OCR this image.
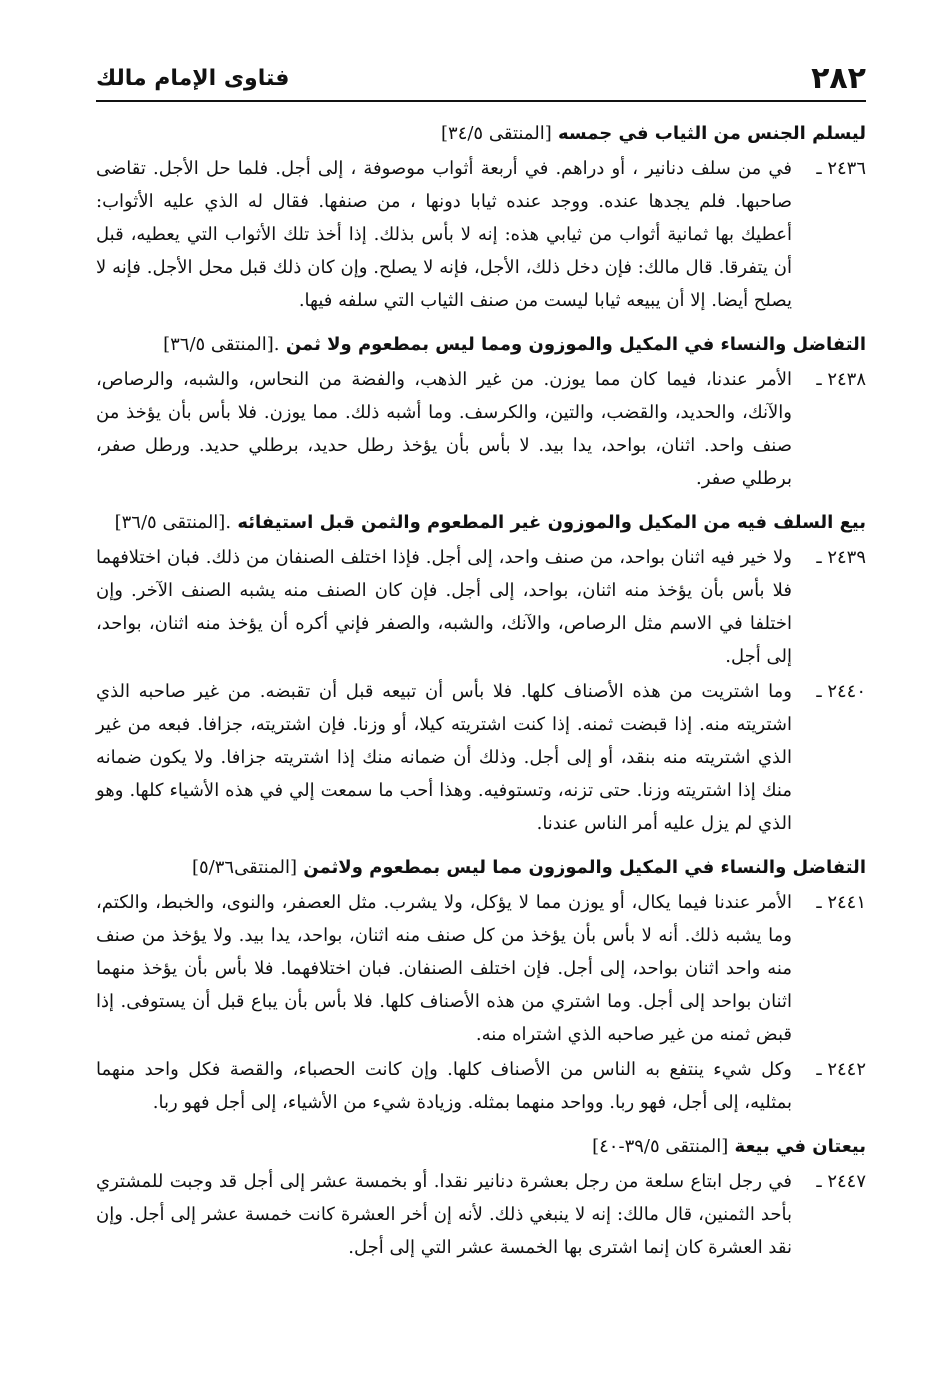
٢٨٢
فتاوى الإمام مالك
ليسلم الجنس من الثياب في جمسه [المنتقى ٣٤/٥]
٢٤٣٦ ـ
في من سلف دنانير ، أو دراهم. في أربعة أثواب موصوفة ، إلى أجل. فلما حل الأجل. تقاضى صاحبها. فلم يجدها عنده. ووجد عنده ثيابا دونها ، من صنفها. فقال له الذي عليه الأثواب: أعطيك بها ثمانية أثواب من ثيابي هذه: إنه لا بأس بذلك. إذا أخذ تلك الأثواب التي يعطيه، قبل أن يتفرقا. قال مالك: فإن دخل ذلك، الأجل، فإنه لا يصلح. وإن كان ذلك قبل محل الأجل. فإنه لا يصلح أيضا. إلا أن يبيعه ثيابا ليست من صنف الثياب التي سلفه فيها.
التفاضل والنساء في المكيل والموزون ومما ليس بمطعوم ولا ثمن .[المنتقى ٣٦/٥]
٢٤٣٨ ـ
الأمر عندنا، فيما كان مما يوزن. من غير الذهب، والفضة من النحاس، والشبه، والرصاص، والآنك، والحديد، والقضب، والتين، والكرسف. وما أشبه ذلك. مما يوزن. فلا بأس بأن يؤخذ من صنف واحد. اثنان، بواحد، يدا بيد. لا بأس بأن يؤخذ رطل حديد، برطلي حديد. ورطل صفر، برطلي صفر.
بيع السلف فيه من المكيل والموزون غير المطعوم والثمن قبل استيفائه .[المنتقى ٣٦/٥]
٢٤٣٩ ـ
ولا خير فيه اثنان بواحد، من صنف واحد، إلى أجل. فإذا اختلف الصنفان من ذلك. فبان اختلافهما فلا بأس بأن يؤخذ منه اثنان، بواحد، إلى أجل. فإن كان الصنف منه يشبه الصنف الآخر. وإن اختلفا في الاسم مثل الرصاص، والآنك، والشبه، والصفر فإني أكره أن يؤخذ منه اثنان، بواحد، إلى أجل.
٢٤٤٠ ـ
وما اشتريت من هذه الأصناف كلها. فلا بأس أن تبيعه قبل أن تقبضه. من غير صاحبه الذي اشتريته منه. إذا قبضت ثمنه. إذا كنت اشتريته كيلا، أو وزنا. فإن اشتريته، جزافا. فبعه من غير الذي اشتريته منه بنقد، أو إلى أجل. وذلك أن ضمانه منك إذا اشتريته جزافا. ولا يكون ضمانه منك إذا اشتريته وزنا. حتى تزنه، وتستوفيه. وهذا أحب ما سمعت إلي في هذه الأشياء كلها. وهو الذي لم يزل عليه أمر الناس عندنا.
التفاضل والنساء في المكيل والموزون مما ليس بمطعوم ولاثمن [المنتقى٥/٣٦]
٢٤٤١ ـ
الأمر عندنا فيما يكال، أو يوزن مما لا يؤكل، ولا يشرب. مثل العصفر، والنوى، والخبط، والكتم، وما يشبه ذلك. أنه لا بأس بأن يؤخذ من كل صنف منه اثنان، بواحد، يدا بيد. ولا يؤخذ من صنف منه واحد اثنان بواحد، إلى أجل. فإن اختلف الصنفان. فبان اختلافهما. فلا بأس بأن يؤخذ منهما اثنان بواحد إلى أجل. وما اشتري من هذه الأصناف كلها. فلا بأس بأن يباع قبل أن يستوفى. إذا قبض ثمنه من غير صاحبه الذي اشتراه منه.
٢٤٤٢ ـ
وكل شيء ينتفع به الناس من الأصناف كلها. وإن كانت الحصباء، والقصة فكل واحد منهما بمثليه، إلى أجل، فهو ربا. وواحد منهما بمثله. وزيادة شيء من الأشياء، إلى أجل فهو ربا.
بيعتان في بيعة [المنتقى ٣٩/٥-٤٠]
٢٤٤٧ ـ
في رجل ابتاع سلعة من رجل بعشرة دنانير نقدا. أو بخمسة عشر إلى أجل قد وجبت للمشتري بأحد الثمنين، قال مالك: إنه لا ينبغي ذلك. لأنه إن أخر العشرة كانت خمسة عشر إلى أجل. وإن نقد العشرة كان إنما اشترى بها الخمسة عشر التي إلى أجل.
